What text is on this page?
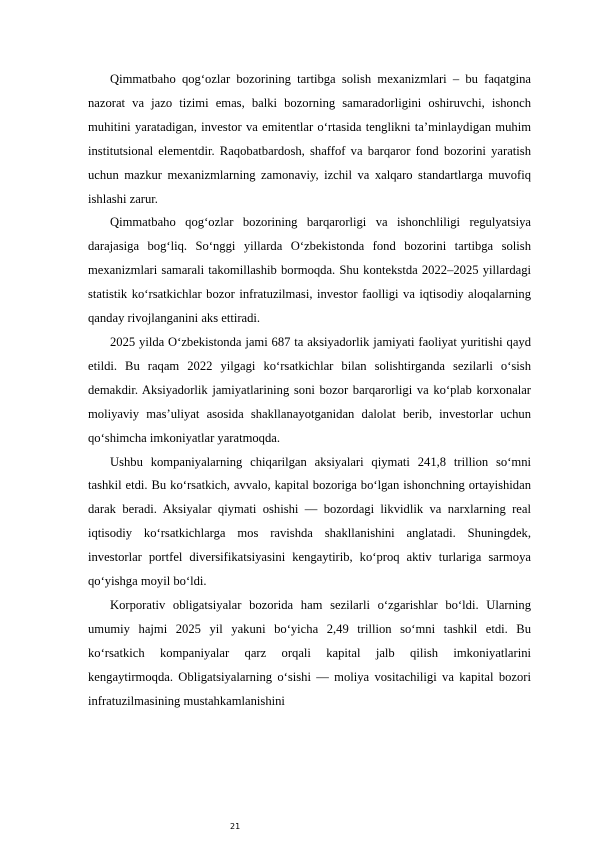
Qimmatbaho qog‘ozlar bozorining tartibga solish mexanizmlari – bu faqatgina nazorat va jazo tizimi emas, balki bozorning samaradorligini oshiruvchi, ishonch muhitini yaratadigan, investor va emitentlar o‘rtasida tenglikni ta’minlaydigan muhim institutsional elementdir. Raqobatbardosh, shaffof va barqaror fond bozorini yaratish uchun mazkur mexanizmlarning zamonaviy, izchil va xalqaro standartlarga muvofiq ishlashi zarur.

Qimmatbaho qog‘ozlar bozorining barqarorligi va ishonchliligi regulyatsiya darajasiga bog‘liq. So‘nggi yillarda O‘zbekistonda fond bozorini tartibga solish mexanizmlari samarali takomillashib bormoqda. Shu kontekstda 2022–2025 yillardagi statistik ko‘rsatkichlar bozor infratuzilmasi, investor faolligi va iqtisodiy aloqalarning qanday rivojlanganini aks ettiradi.

2025 yilda O‘zbekistonda jami 687 ta aksiyadorlik jamiyati faoliyat yuritishi qayd etildi. Bu raqam 2022 yilgagi ko‘rsatkichlar bilan solishtirganda sezilarli o‘sish demakdir. Aksiyadorlik jamiyatlarining soni bozor barqarorligi va ko‘plab korxonalar moliyaviy mas’uliyat asosida shakllanayotganidan dalolat berib, investorlar uchun qo‘shimcha imkoniyatlar yaratmoqda.

Ushbu kompaniyalarning chiqarilgan aksiyalari qiymati 241,8 trillion so‘mni tashkil etdi. Bu ko‘rsatkich, avvalo, kapital bozoriga bo‘lgan ishonchning ortayishidan darak beradi. Aksiyalar qiymati oshishi — bozordagi likvidlik va narxlarning real iqtisodiy ko‘rsatkichlarga mos ravishda shakllanishini anglatadi. Shuningdek, investorlar portfel diversifikatsiyasini kengaytirib, ko‘proq aktiv turlariga sarmoya qo‘yishga moyil bo‘ldi.

Korporativ obligatsiyalar bozorida ham sezilarli o‘zgarishlar bo‘ldi. Ularning umumiy hajmi 2025 yil yakuni bo‘yicha 2,49 trillion so‘mni tashkil etdi. Bu ko‘rsatkich kompaniyalar qarz orqali kapital jalb qilish imkoniyatlarini kengaytirmoqda. Obligatsiyalarning o‘sishi — moliya vositachiligi va kapital bozori infratuzilmasining mustahkamlanishini

21
